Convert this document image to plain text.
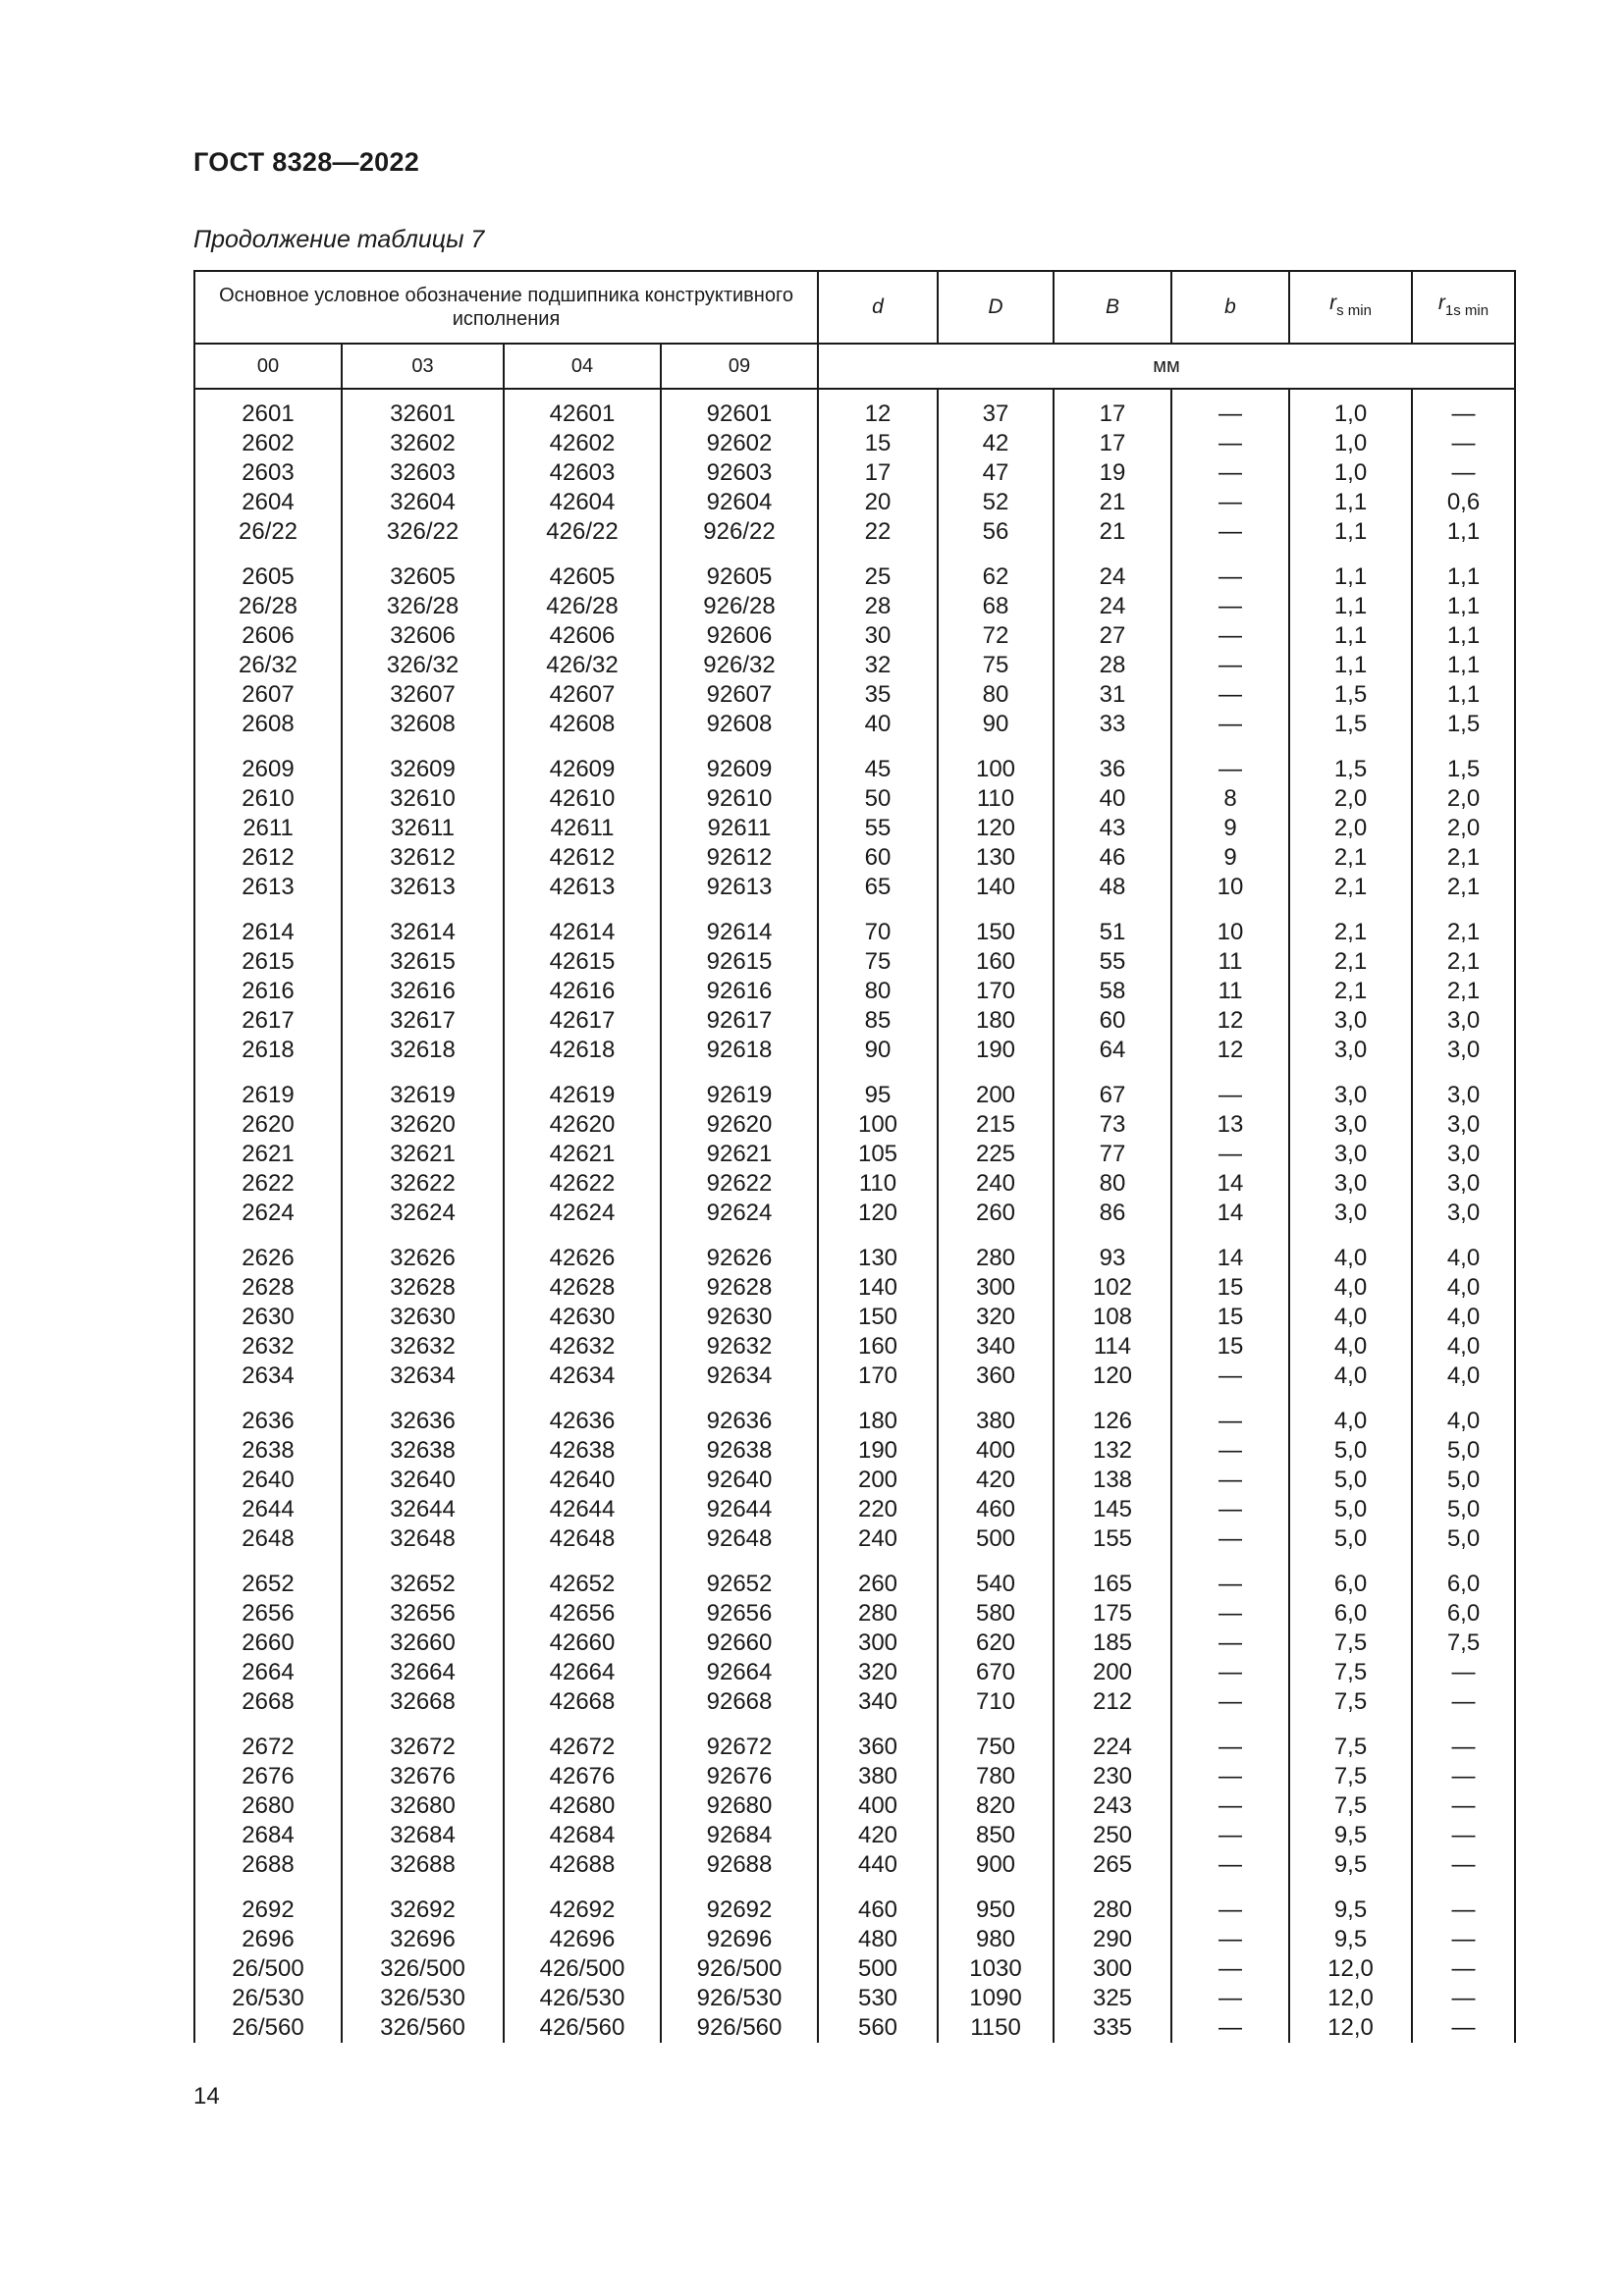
ГОСТ 8328—2022
Продолжение таблицы 7
Основное условное обозначение подшипника конструктивного исполнения				d	D	B	b	$r_{s min}$	$r_{1s min}$
00	03	04	09	мм					

2601	32601	42601	92601	12	37	17	—	1,0	—
2602	32602	42602	92602	15	42	17	—	1,0	—
2603	32603	42603	92603	17	47	19	—	1,0	—
2604	32604	42604	92604	20	52	21	—	1,1	0,6
26/22	326/22	426/22	926/22	22	56	21	—	1,1	1,1

2605	32605	42605	92605	25	62	24	—	1,1	1,1
26/28	326/28	426/28	926/28	28	68	24	—	1,1	1,1
2606	32606	42606	92606	30	72	27	—	1,1	1,1
26/32	326/32	426/32	926/32	32	75	28	—	1,1	1,1
2607	32607	42607	92607	35	80	31	—	1,5	1,1
2608	32608	42608	92608	40	90	33	—	1,5	1,5

2609	32609	42609	92609	45	100	36	—	1,5	1,5
2610	32610	42610	92610	50	110	40	8	2,0	2,0
2611	32611	42611	92611	55	120	43	9	2,0	2,0
2612	32612	42612	92612	60	130	46	9	2,1	2,1
2613	32613	42613	92613	65	140	48	10	2,1	2,1

2614	32614	42614	92614	70	150	51	10	2,1	2,1
2615	32615	42615	92615	75	160	55	11	2,1	2,1
2616	32616	42616	92616	80	170	58	11	2,1	2,1
2617	32617	42617	92617	85	180	60	12	3,0	3,0
2618	32618	42618	92618	90	190	64	12	3,0	3,0

2619	32619	42619	92619	95	200	67	—	3,0	3,0
2620	32620	42620	92620	100	215	73	13	3,0	3,0
2621	32621	42621	92621	105	225	77	—	3,0	3,0
2622	32622	42622	92622	110	240	80	14	3,0	3,0
2624	32624	42624	92624	120	260	86	14	3,0	3,0

2626	32626	42626	92626	130	280	93	14	4,0	4,0
2628	32628	42628	92628	140	300	102	15	4,0	4,0
2630	32630	42630	92630	150	320	108	15	4,0	4,0
2632	32632	42632	92632	160	340	114	15	4,0	4,0
2634	32634	42634	92634	170	360	120	—	4,0	4,0

2636	32636	42636	92636	180	380	126	—	4,0	4,0
2638	32638	42638	92638	190	400	132	—	5,0	5,0
2640	32640	42640	92640	200	420	138	—	5,0	5,0
2644	32644	42644	92644	220	460	145	—	5,0	5,0
2648	32648	42648	92648	240	500	155	—	5,0	5,0

2652	32652	42652	92652	260	540	165	—	6,0	6,0
2656	32656	42656	92656	280	580	175	—	6,0	6,0
2660	32660	42660	92660	300	620	185	—	7,5	7,5
2664	32664	42664	92664	320	670	200	—	7,5	—
2668	32668	42668	92668	340	710	212	—	7,5	—

2672	32672	42672	92672	360	750	224	—	7,5	—
2676	32676	42676	92676	380	780	230	—	7,5	—
2680	32680	42680	92680	400	820	243	—	7,5	—
2684	32684	42684	92684	420	850	250	—	9,5	—
2688	32688	42688	92688	440	900	265	—	9,5	—

2692	32692	42692	92692	460	950	280	—	9,5	—
2696	32696	42696	92696	480	980	290	—	9,5	—
26/500	326/500	426/500	926/500	500	1030	300	—	12,0	—
26/530	326/530	426/530	926/530	530	1090	325	—	12,0	—
26/560	326/560	426/560	926/560	560	1150	335	—	12,0	—
14
